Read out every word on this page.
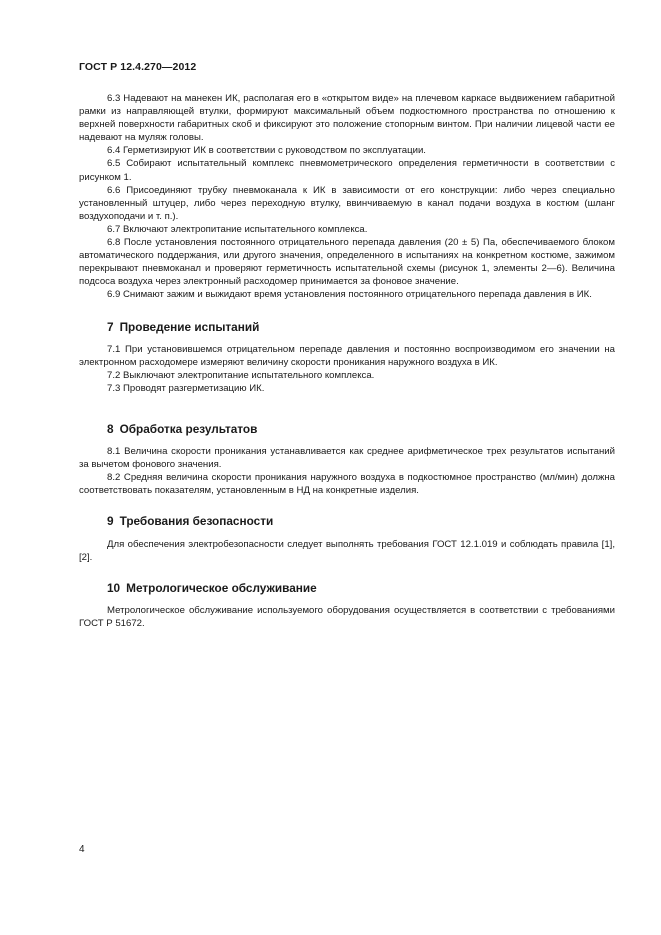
ГОСТ Р 12.4.270—2012

6.3 Надевают на манекен ИК, располагая его в «открытом виде» на плечевом каркасе выдвижением габаритной рамки из направляющей втулки, формируют максимальный объем подкостюмного пространства по отношению к верхней поверхности габаритных скоб и фиксируют это положение стопорным винтом. При наличии лицевой части ее надевают на муляж головы.

6.4 Герметизируют ИК в соответствии с руководством по эксплуатации.

6.5 Собирают испытательный комплекс пневмометрического определения герметичности в соответствии с рисунком 1.

6.6 Присоединяют трубку пневмоканала к ИК в зависимости от его конструкции: либо через специально установленный штуцер, либо через переходную втулку, ввинчиваемую в канал подачи воздуха в костюм (шланг воздухоподачи и т. п.).

6.7 Включают электропитание испытательного комплекса.

6.8 После установления постоянного отрицательного перепада давления (20 ± 5) Па, обеспечиваемого блоком автоматического поддержания, или другого значения, определенного в испытаниях на конкретном костюме, зажимом перекрывают пневмоканал и проверяют герметичность испытательной схемы (рисунок 1, элементы 2—6). Величина подсоса воздуха через электронный расходомер принимается за фоновое значение.

6.9 Снимают зажим и выжидают время установления постоянного отрицательного перепада давления в ИК.

7 Проведение испытаний

7.1 При установившемся отрицательном перепаде давления и постоянно воспроизводимом его значении на электронном расходомере измеряют величину скорости проникания наружного воздуха в ИК.

7.2 Выключают электропитание испытательного комплекса.

7.3 Проводят разгерметизацию ИК.

8 Обработка результатов

8.1 Величина скорости проникания устанавливается как среднее арифметическое трех результатов испытаний за вычетом фонового значения.

8.2 Средняя величина скорости проникания наружного воздуха в подкостюмное пространство (мл/мин) должна соответствовать показателям, установленным в НД на конкретные изделия.

9 Требования безопасности

Для обеспечения электробезопасности следует выполнять требования ГОСТ 12.1.019 и соблюдать правила [1], [2].

10 Метрологическое обслуживание

Метрологическое обслуживание используемого оборудования осуществляется в соответствии с требованиями ГОСТ Р 51672.

4
